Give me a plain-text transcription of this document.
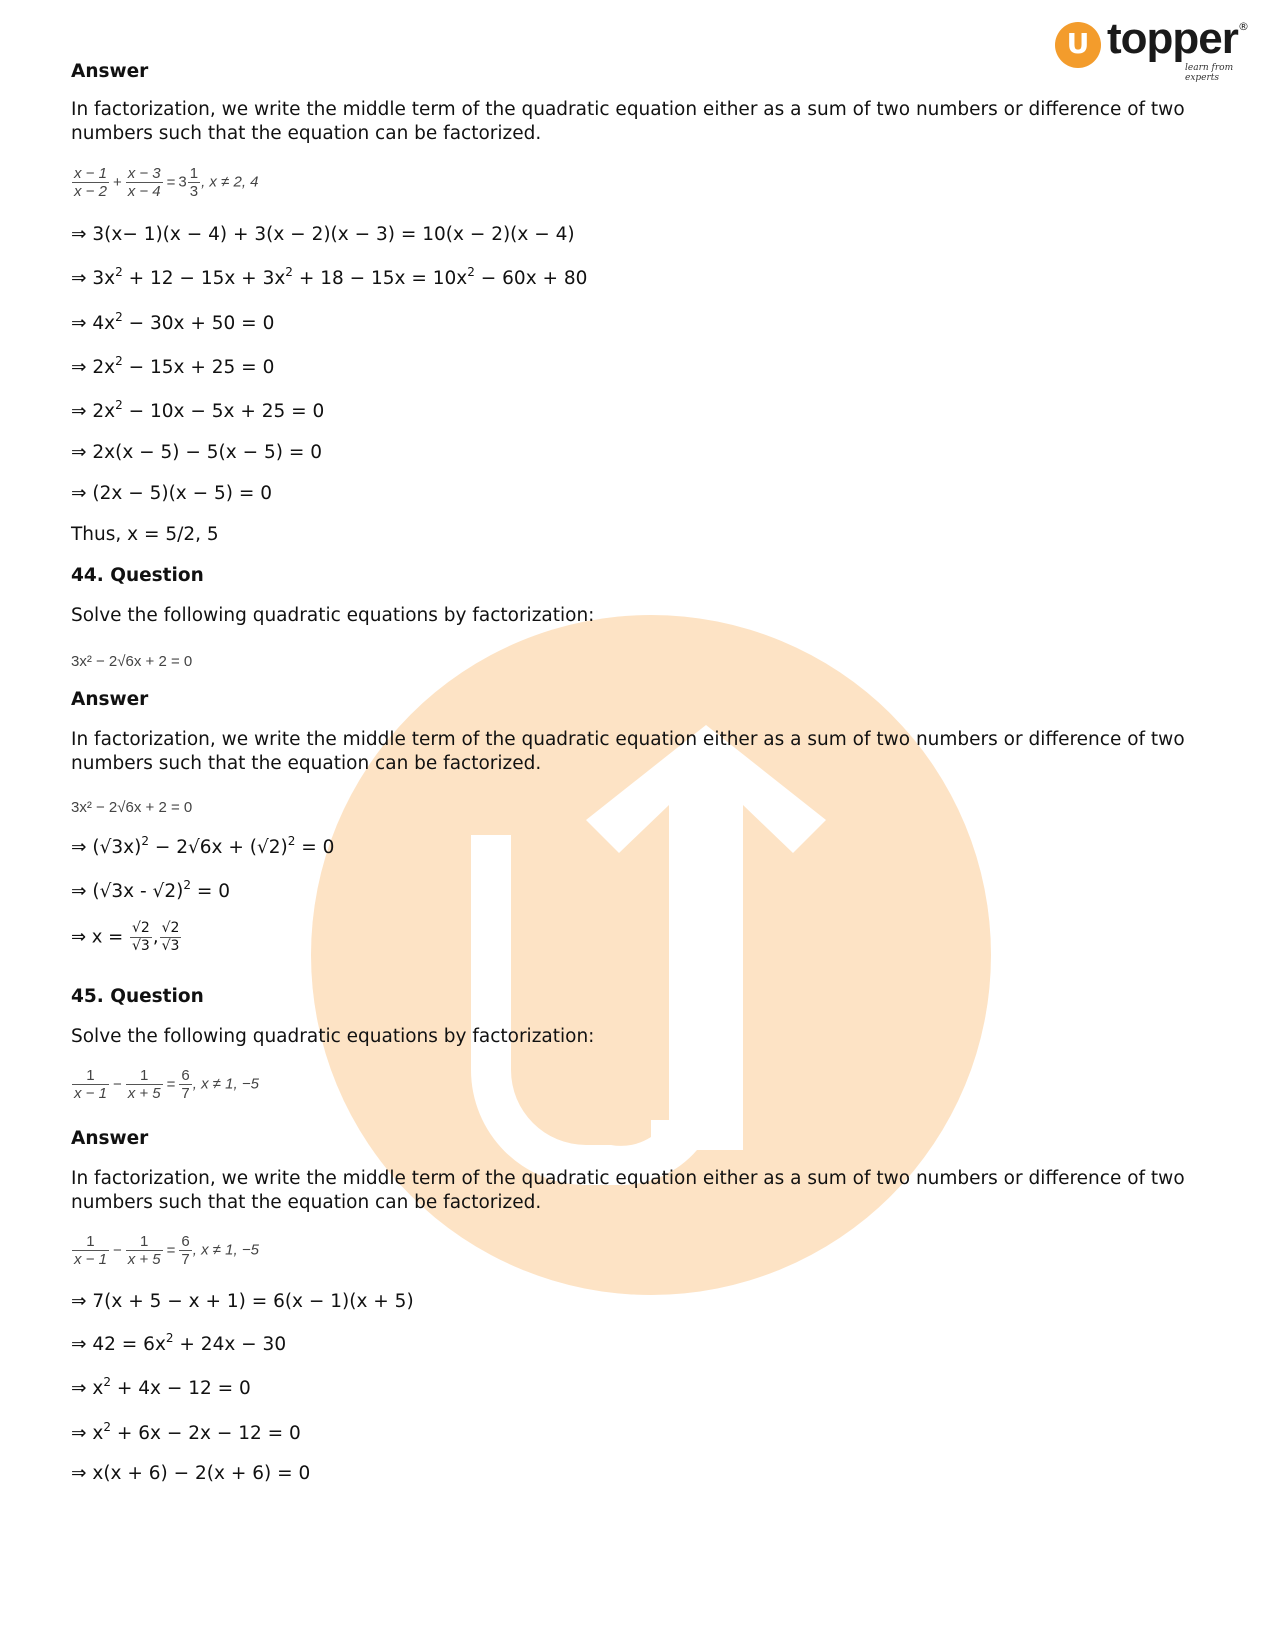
U topper ®
learn from experts
Answer
In factorization, we write the middle term of the quadratic equation either as a sum of two numbers or difference of two numbers such that the equation can be factorized.
$\frac{x - 1}{x - 2} + \frac{x - 3}{x - 4} = 3 \frac{1}{3}$ , x ≠ 2, 4
⇒ 3(x− 1)(x − 4) + 3(x − 2)(x − 3) = 10(x − 2)(x − 4)
⇒ $3x^2 + 12 - 15x + 3x^2 + 18 - 15x = 10x^2 - 60x + 80$
⇒ $4x^2 - 30x + 50 = 0$
⇒ $2x^2 - 15x + 25 = 0$
⇒ $2x^2 - 10x - 5x + 25 = 0$
⇒ 2x(x − 5) − 5(x − 5) = 0
⇒ (2x − 5)(x − 5) = 0
Thus, x = 5/2, 5
44. Question
Solve the following quadratic equations by factorization:
3x² − 2√6x + 2 = 0
Answer
In factorization, we write the middle term of the quadratic equation either as a sum of two numbers or difference of two numbers such that the equation can be factorized.
3x² − 2√6x + 2 = 0
⇒ $(√3x)^2 - 2√6x + (√2)^2 = 0$
⇒ (√3x - √2)$^2$ = 0
⇒ $x = \frac{√2}{√3}$ , $\frac{√2}{√3}$
45. Question
Solve the following quadratic equations by factorization:
$\frac{1}{x - 1} - \frac{1}{x + 5} = \frac{6}{7}$ , x ≠ 1, −5
Answer
In factorization, we write the middle term of the quadratic equation either as a sum of two numbers or difference of two numbers such that the equation can be factorized.
$\frac{1}{x - 1} - \frac{1}{x + 5} = \frac{6}{7}$ , x ≠ 1, −5
⇒ 7(x + 5 − x + 1) = 6(x − 1)(x + 5)
⇒ $42 = 6x^2 + 24x - 30$
⇒ $x^2 + 4x - 12 = 0$
⇒ $x^2 + 6x - 2x - 12 = 0$
⇒ x(x + 6) − 2(x + 6) = 0
